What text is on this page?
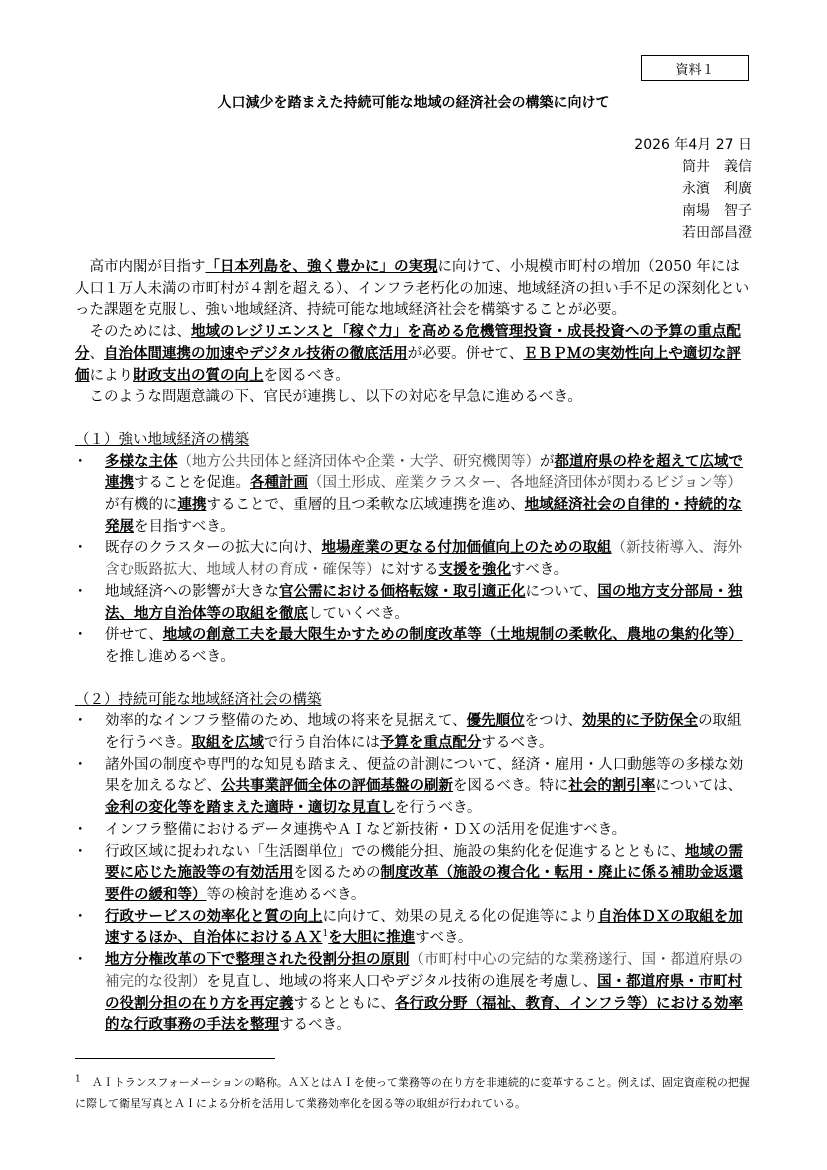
資料１
人口減少を踏まえた持続可能な地域の経済社会の構築に向けて
2026 年4月 27 日
筒井　義信
永濱　利廣
南場　智子
若田部昌澄

高市内閣が目指す「日本列島を、強く豊かに」の実現に向けて、小規模市町村の増加（2050 年には人口１万人未満の市町村が４割を超える）、インフラ老朽化の加速、地域経済の担い手不足の深刻化といった課題を克服し、強い地域経済、持続可能な地域経済社会を構築することが必要。

そのためには、地域のレジリエンスと「稼ぐ力」を高める危機管理投資・成長投資への予算の重点配分、自治体間連携の加速やデジタル技術の徹底活用が必要。併せて、ＥＢＰＭの実効性向上や適切な評価により財政支出の質の向上を図るべき。

このような問題意識の下、官民が連携し、以下の対応を早急に進めるべき。

（１）強い地域経済の構築
・ 多様な主体（地方公共団体と経済団体や企業・大学、研究機関等）が都道府県の枠を超えて広域で連携することを促進。各種計画（国土形成、産業クラスター、各地経済団体が関わるビジョン等）が有機的に連携することで、重層的且つ柔軟な広域連携を進め、地域経済社会の自律的・持続的な発展を目指すべき。
・ 既存のクラスターの拡大に向け、地場産業の更なる付加価値向上のための取組（新技術導入、海外含む販路拡大、地域人材の育成・確保等）に対する支援を強化すべき。
・ 地域経済への影響が大きな官公需における価格転嫁・取引適正化について、国の地方支分部局・独法、地方自治体等の取組を徹底していくべき。
・ 併せて、地域の創意工夫を最大限生かすための制度改革等（土地規制の柔軟化、農地の集約化等）を推し進めるべき。
（２）持続可能な地域経済社会の構築
・ 効率的なインフラ整備のため、地域の将来を見据えて、優先順位をつけ、効果的に予防保全の取組を行うべき。取組を広域で行う自治体には予算を重点配分するべき。
・ 諸外国の制度や専門的な知見も踏まえ、便益の計測について、経済・雇用・人口動態等の多様な効果を加えるなど、公共事業評価全体の評価基盤の刷新を図るべき。特に社会的割引率については、金利の変化等を踏まえた適時・適切な見直しを行うべき。
・ インフラ整備におけるデータ連携やＡＩなど新技術・ＤＸの活用を促進すべき。
・ 行政区域に捉われない「生活圏単位」での機能分担、施設の集約化を促進するとともに、地域の需要に応じた施設等の有効活用を図るための制度改革（施設の複合化・転用・廃止に係る補助金返還要件の緩和等）等の検討を進めるべき。
・ 行政サービスの効率化と質の向上に向けて、効果の見える化の促進等により自治体ＤＸの取組を加速するほか、自治体におけるＡＸ$^1$を大胆に推進すべき。
・ 地方分権改革の下で整理された役割分担の原則（市町村中心の完結的な業務遂行、国・都道府県の補完的な役割）を見直し、地域の将来人口やデジタル技術の進展を考慮し、国・都道府県・市町村の役割分担の在り方を再定義するとともに、各行政分野（福祉、教育、インフラ等）における効率的な行政事務の手法を整理するべき。
$^1$　 ＡＩトランスフォーメーションの略称。ＡＸとはＡＩを使って業務等の在り方を非連続的に変革すること。例えば、固定資産税の把握に際して衛星写真とＡＩによる分析を活用して業務効率化を図る等の取組が行われている。
